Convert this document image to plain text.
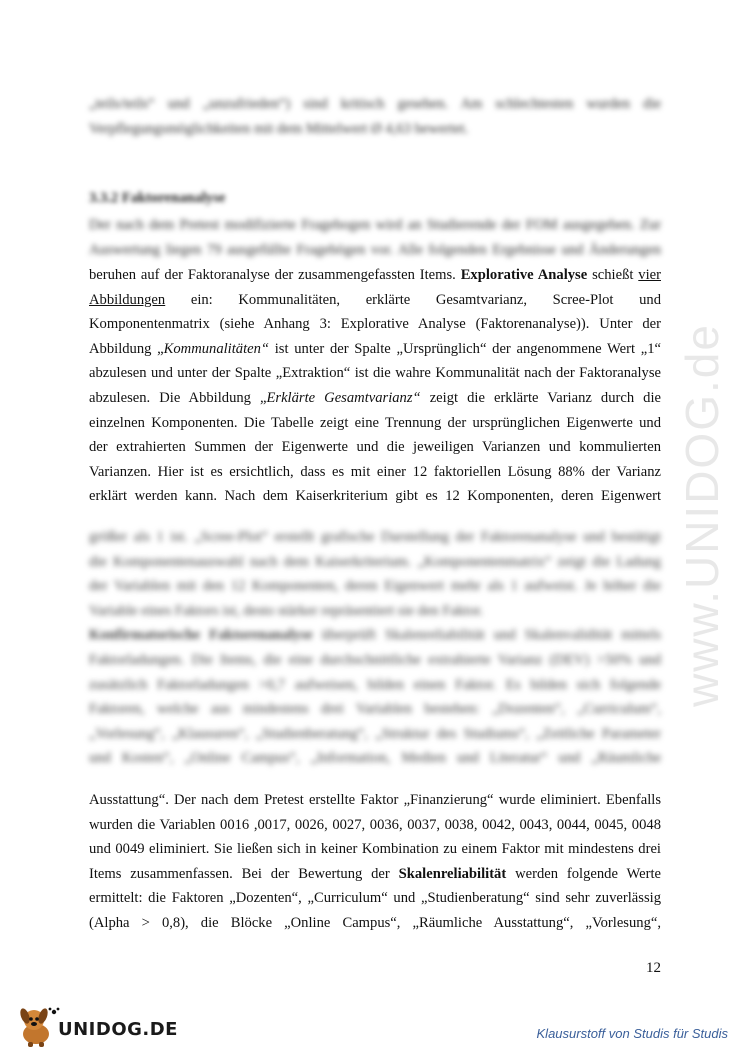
„teils/teils“ und „unzufrieden“) sind kritisch gesehen. Am schlechtesten wurden die
Verpflegungsmöglichkeiten mit dem Mittelwert Ø 4,63 bewertet.
3.3.2 Faktorenanalyse
Der nach dem Pretest modifizierte Fragebogen wird an Studierende der FOM ausgegeben. Zur
Auswertung liegen 79 ausgefüllte Fragebögen vor. Alle folgenden Ergebnisse und Änderungen
beruhen auf der Faktoranalyse der zusammengefassten Items. Explorative Analyse schießt vier
Abbildungen ein: Kommunalitäten, erklärte Gesamtvarianz, Scree-Plot und
Komponentenmatrix (siehe Anhang 3: Explorative Analyse (Faktorenanalyse)). Unter der
Abbildung „Kommunalitäten“ ist unter der Spalte „Ursprünglich“ der angenommene Wert „1“
abzulesen und unter der Spalte „Extraktion“ ist die wahre Kommunalität nach der Faktoranalyse
abzulesen. Die Abbildung „Erklärte Gesamtvarianz“ zeigt die erklärte Varianz durch die
einzelnen Komponenten. Die Tabelle zeigt eine Trennung der ursprünglichen Eigenwerte und
der extrahierten Summen der Eigenwerte und die jeweiligen Varianzen und kommulierten
Varianzen. Hier ist es ersichtlich, dass es mit einer 12 faktoriellen Lösung 88% der Varianz
erklärt werden kann. Nach dem Kaiserkriterium gibt es 12 Komponenten, deren Eigenwert
größer als 1 ist. „Scree-Plot“ erstellt grafische Darstellung der Faktorenanalyse und bestätigt
die Komponentenauswahl nach dem Kaiserkriterium. „Komponentenmatrix“ zeigt die Ladung
der Variablen mit den 12 Komponenten, deren Eigenwert mehr als 1 aufweist. Je höher die
Variable eines Faktors ist, desto stärker repräsentiert sie den Faktor.
Konfirmatorische Faktorenanalyse überprüft Skalenreliabilität und Skalenvalidität mittels
Faktorladungen. Die Items, die eine durchschnittliche extrahierte Varianz (DEV) >50% und
zusätzlich Faktorladungen >0,7 aufweisen, bilden einen Faktor. Es bilden sich folgende
Faktoren, welche aus mindestens drei Variablen bestehen: „Dozenten“, „Curriculum“,
„Vorlesung“, „Klausuren“, „Studienberatung“, „Struktur des Studiums“, „Zeitliche Parameter
und Kosten“, „Online Campus“, „Information, Medien und Literatur“ und „Räumliche
Ausstattung“. Der nach dem Pretest erstellte Faktor „Finanzierung“ wurde eliminiert. Ebenfalls
wurden die Variablen 0016 ,0017, 0026, 0027, 0036, 0037, 0038, 0042, 0043, 0044, 0045, 0048
und 0049 eliminiert. Sie ließen sich in keiner Kombination zu einem Faktor mit mindestens drei
Items zusammenfassen. Bei der Bewertung der Skalenreliabilität werden folgende Werte
ermittelt: die Faktoren „Dozenten“, „Curriculum“ und „Studienberatung“ sind sehr zuverlässig
(Alpha > 0,8), die Blöcke „Online Campus“, „Räumliche Ausstattung“, „Vorlesung“,
12
www.UNIDOG.de
UNIDOG.DE	Klausurstoff von Studis für Studis
